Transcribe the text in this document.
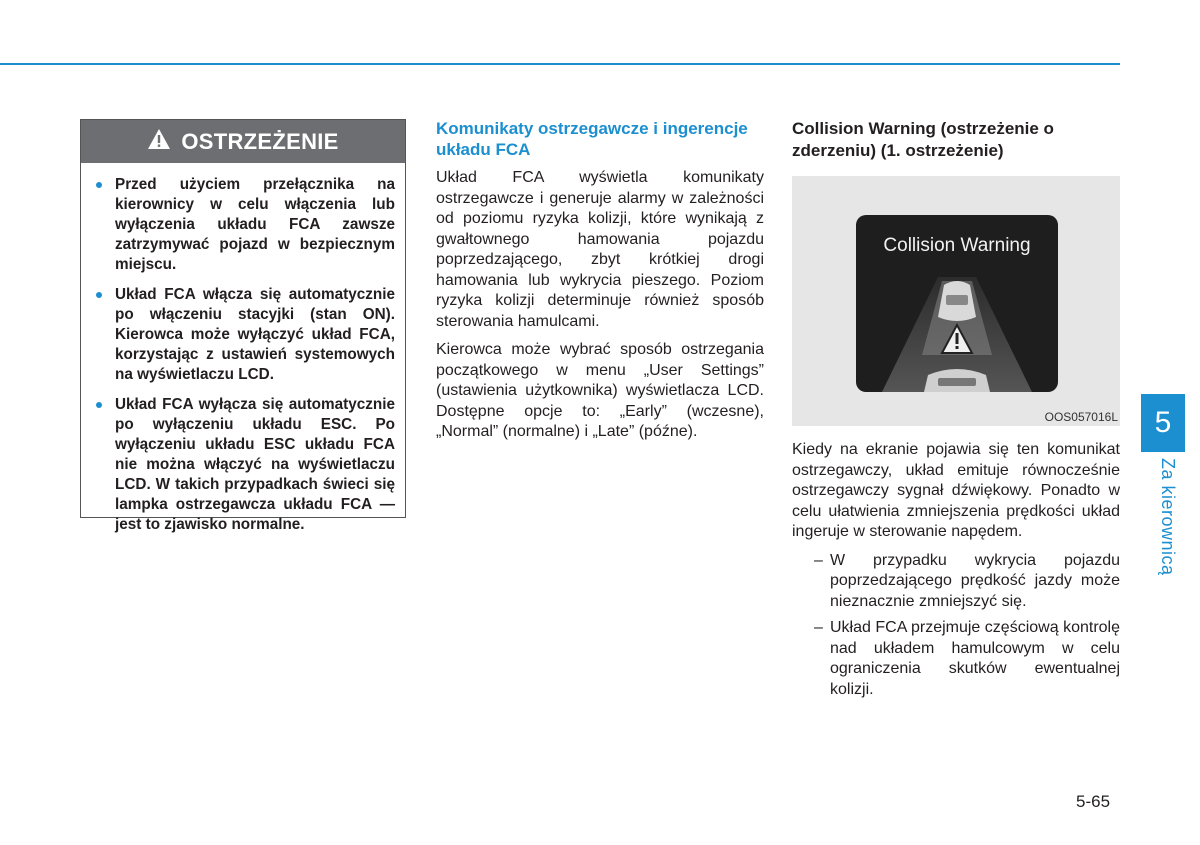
OSTRZEŻENIE
Przed użyciem przełącznika na kierownicy w celu włączenia lub wyłączenia układu FCA zawsze zatrzymywać pojazd w bezpiecznym miejscu.
Układ FCA włącza się automatycznie po włączeniu stacyjki (stan ON). Kierowca może wyłączyć układ FCA, korzystając z ustawień systemowych na wyświetlaczu LCD.
Układ FCA wyłącza się automatycznie po wyłączeniu układu ESC. Po wyłączeniu układu ESC układu FCA nie można włączyć na wyświetlaczu LCD. W takich przypadkach świeci się lampka ostrzegawcza układu FCA — jest to zjawisko normalne.
Komunikaty ostrzegawcze i ingerencje układu FCA

Układ FCA wyświetla komunikaty ostrzegawcze i generuje alarmy w zależności od poziomu ryzyka kolizji, które wynikają z gwałtownego hamowania pojazdu poprzedzającego, zbyt krótkiej drogi hamowania lub wykrycia pieszego. Poziom ryzyka kolizji determinuje również sposób sterowania hamulcami.

Kierowca może wybrać sposób ostrzegania początkowego w menu „User Settings” (ustawienia użytkownika) wyświetlacza LCD. Dostępne opcje to: „Early” (wczesne), „Normal” (normalne) i „Late” (późne).

Collision Warning (ostrzeżenie o zderzeniu) (1. ostrzeżenie)
Collision Warning
OOS057016L

Kiedy na ekranie pojawia się ten komunikat ostrzegawczy, układ emituje równocześnie ostrzegawczy sygnał dźwiękowy. Ponadto w celu ułatwienia zmniejszenia prędkości układ ingeruje w sterowanie napędem.

– W przypadku wykrycia pojazdu poprzedzającego prędkość jazdy może nieznacznie zmniejszyć się.
– Układ FCA przejmuje częściową kontrolę nad układem hamulcowym w celu ograniczenia skutków ewentualnej kolizji.
5
Za kierownicą
5-65
